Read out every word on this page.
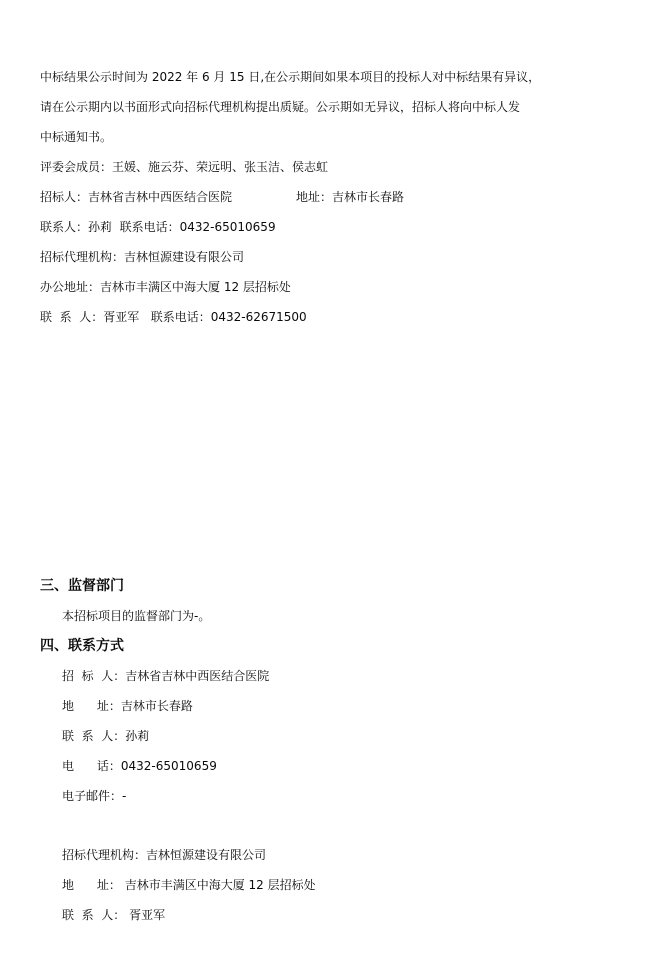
中标结果公示时间为 2022 年 6 月 15 日,在公示期间如果本项目的投标人对中标结果有异议，
请在公示期内以书面形式向招标代理机构提出质疑。公示期如无异议，招标人将向中标人发
中标通知书。
评委会成员：王媛、施云芬、荣远明、张玉洁、侯志虹
招标人：吉林省吉林中西医结合医院	地址：吉林市长春路
联系人：孙莉  联系电话：0432-65010659
招标代理机构：吉林恒源建设有限公司
办公地址：吉林市丰满区中海大厦 12 层招标处
联  系  人：胥亚军   联系电话：0432-62671500
三、监督部门
本招标项目的监督部门为-。
四、联系方式
招  标  人：吉林省吉林中西医结合医院
地      址：吉林市长春路
联  系  人：孙莉
电      话：0432-65010659
电子邮件：-
招标代理机构：吉林恒源建设有限公司
地      址： 吉林市丰满区中海大厦 12 层招标处
联  系  人： 胥亚军
